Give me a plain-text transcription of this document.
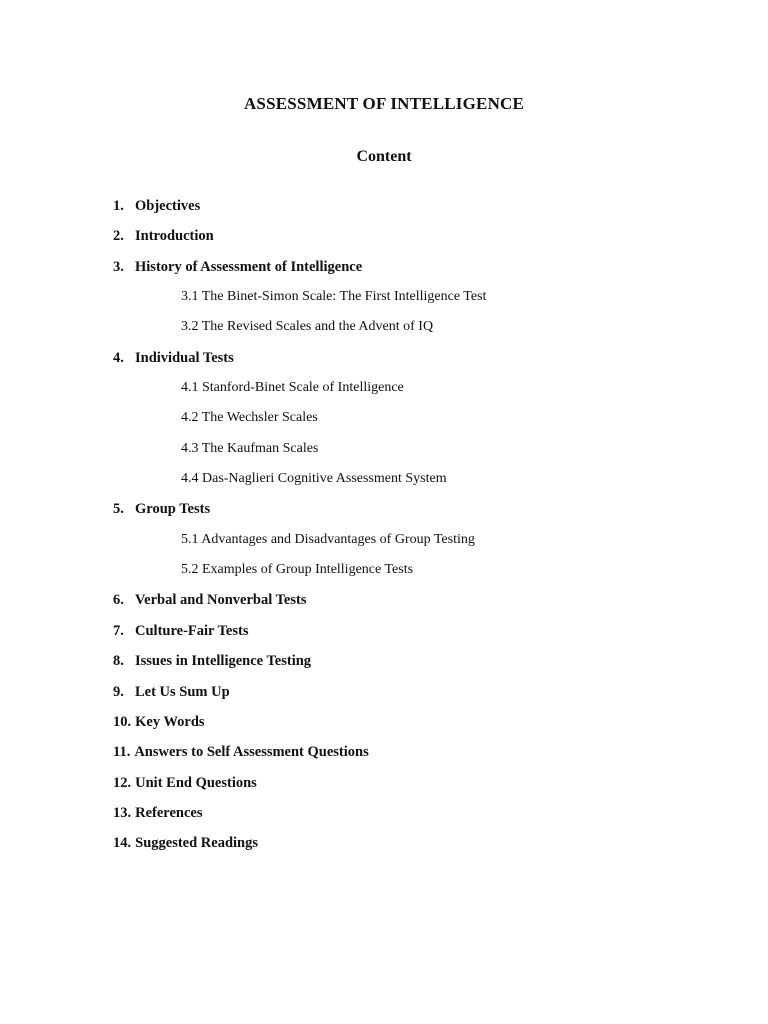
ASSESSMENT OF INTELLIGENCE
Content
1. Objectives
2. Introduction
3. History of Assessment of Intelligence
3.1 The Binet-Simon Scale: The First Intelligence Test
3.2 The Revised Scales and the Advent of IQ
4. Individual Tests
4.1 Stanford-Binet Scale of Intelligence
4.2 The Wechsler Scales
4.3 The Kaufman Scales
4.4 Das-Naglieri Cognitive Assessment System
5. Group Tests
5.1 Advantages and Disadvantages of Group Testing
5.2 Examples of Group Intelligence Tests
6. Verbal and Nonverbal Tests
7. Culture-Fair Tests
8. Issues in Intelligence Testing
9. Let Us Sum Up
10. Key Words
11. Answers to Self Assessment Questions
12. Unit End Questions
13. References
14. Suggested Readings
